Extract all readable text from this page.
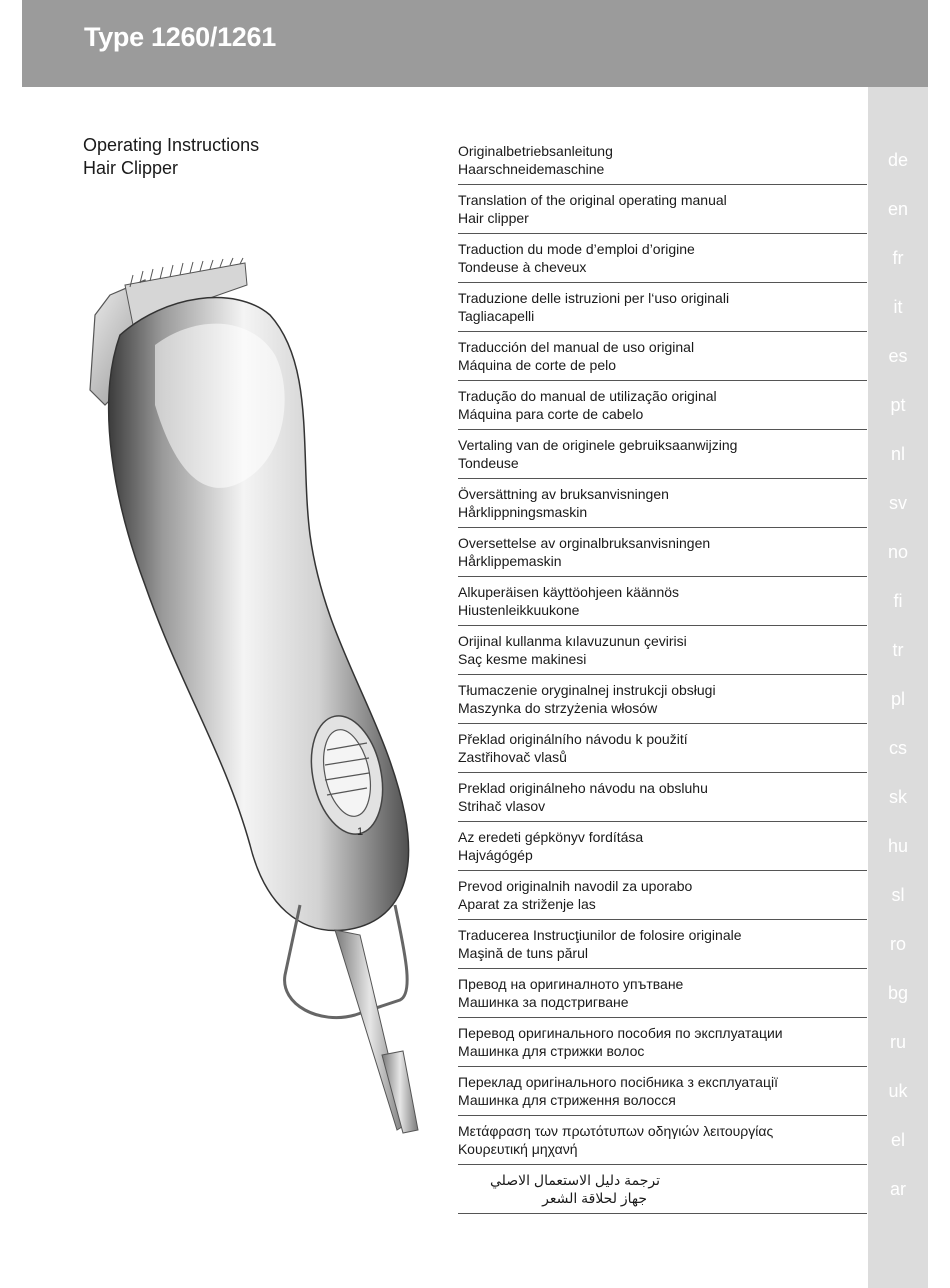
Type 1260/1261
de
en
fr
it
es
pt
nl
sv
no
fi
tr
pl
cs
sk
hu
sl
ro
bg
ru
uk
el
ar
Operating Instructions
Hair Clipper
1
Originalbetriebsanleitung
Haarschneidemaschine
Translation of the original operating manual
Hair clipper
Traduction du mode d’emploi d’origine
Tondeuse à cheveux
Traduzione delle istruzioni per l‘uso originali
Tagliacapelli
Traducción del manual de uso original
Máquina de corte de pelo
Tradução do manual de utilização original
Máquina para corte de cabelo
Vertaling van de originele gebruiksaanwijzing
Tondeuse
Översättning av bruksanvisningen
Hårklippningsmaskin
Oversettelse av orginalbruksanvisningen
Hårklippemaskin
Alkuperäisen käyttöohjeen käännös
Hiustenleikkuukone
Orijinal kullanma kılavuzunun çevirisi
Saç kesme makinesi
Tłumaczenie oryginalnej instrukcji obsługi
Maszynka do strzyżenia włosów
Překlad originálního návodu k použití
Zastřihovač vlasů
Preklad originálneho návodu na obsluhu
Strihač vlasov
Az eredeti gépkönyv fordítása
Hajvágógép
Prevod originalnih navodil za uporabo
Aparat za striženje las
Traducerea Instrucţiunilor de folosire originale
Maşină de tuns părul
Превод на оригиналното упътване
Машинка за подстригване
Перевод оригинального пособия по эксплуатации
Машинка для стрижки волос
Переклад оригінального посібника з експлуатації
Машинка для стриження волосся
Μετάφραση των πρωτότυπων οδηγιών λειτουργίας
Κουρευτική μηχανή
ترجمة دليل الاستعمال الاصلي
جهاز لحلاقة الشعر
